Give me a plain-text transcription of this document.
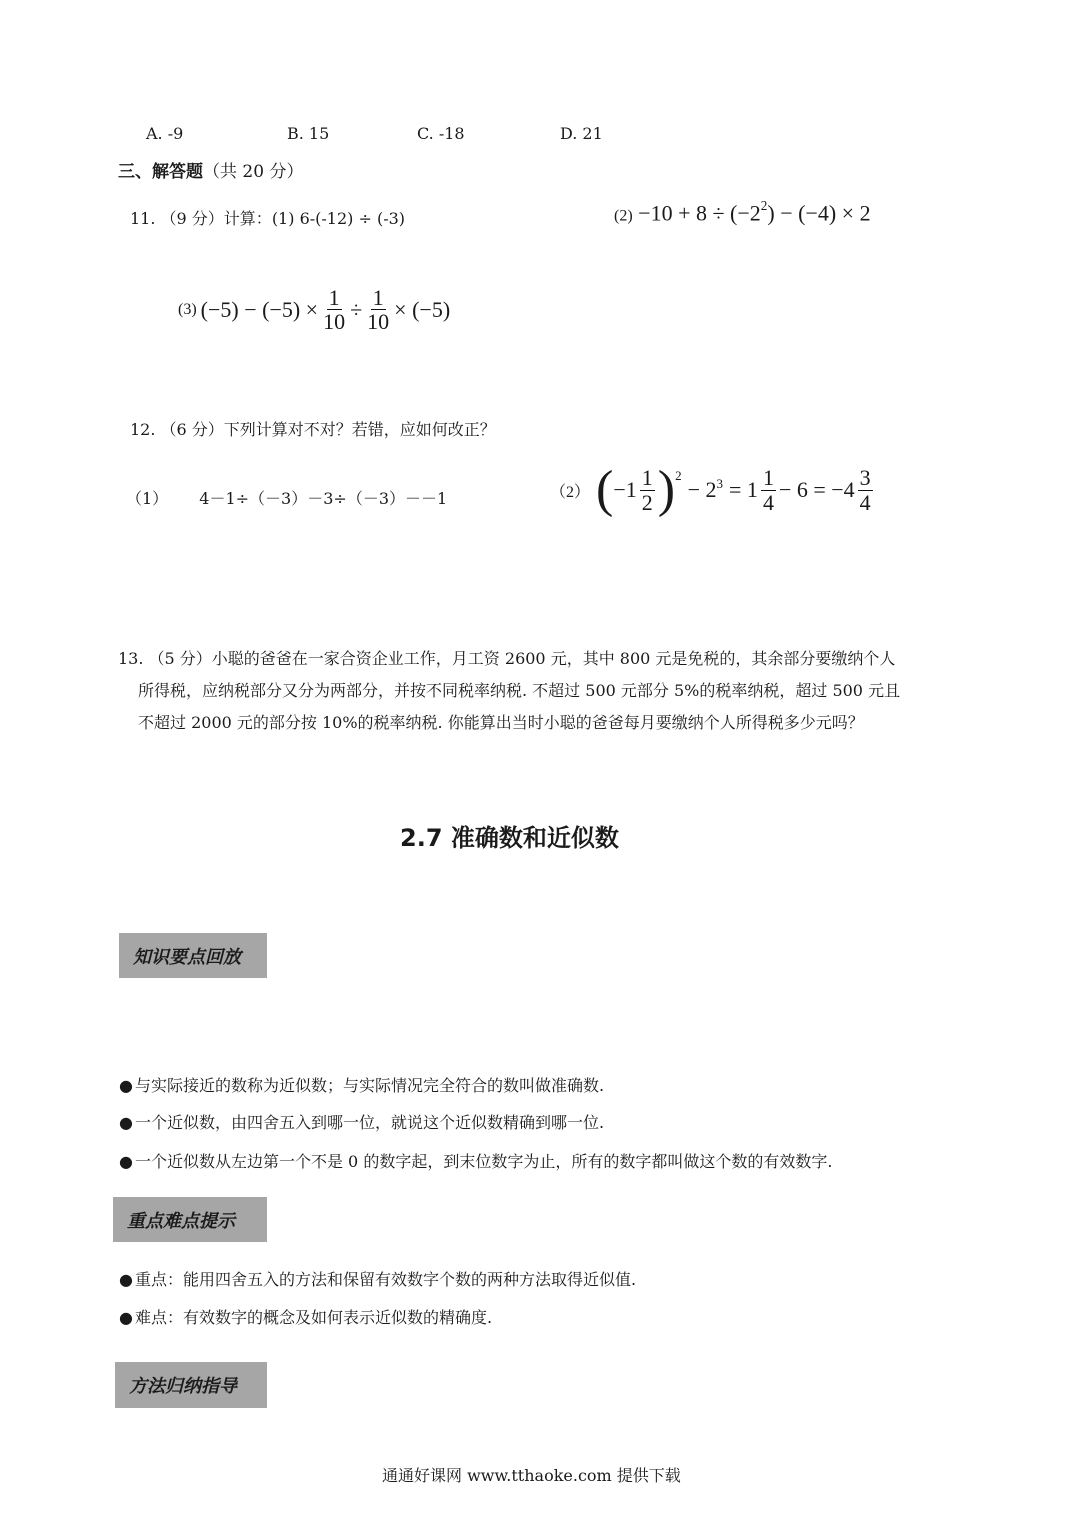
A. -9	B. 15	C. -18	D. 21
三、解答题（共 20 分）
11. （9 分）计算：(1) 6-(-12) ÷ (-3)	$(2) -10 + 8 \div (-2^2) - (-4) \times 2$
(3) $(-5) - (-5) \times \frac{1}{10} \div \frac{1}{10} \times (-5)$
12. （6 分）下列计算对不对？若错，应如何改正？
（1） 4－1÷（－3）－3÷（－3）－－1	（2） ( $-1 \frac{1}{2}$ ) 2
− 2 $3 = 1 \frac{1}{4} - 6 = -4 \frac{3}{4}$
13. （5 分）小聪的爸爸在一家合资企业工作，月工资 2600 元，其中 800 元是免税的，其余部分要缴纳个人
所得税，应纳税部分又分为两部分，并按不同税率纳税. 不超过 500 元部分 5%的税率纳税，超过 500 元且
不超过 2000 元的部分按 10%的税率纳税. 你能算出当时小聪的爸爸每月要缴纳个人所得税多少元吗？
2.7 准确数和近似数
知识要点回放
● 与实际接近的数称为近似数；与实际情况完全符合的数叫做准确数.
● 一个近似数，由四舍五入到哪一位，就说这个近似数精确到哪一位.
● 一个近似数从左边第一个不是 0 的数字起，到末位数字为止，所有的数字都叫做这个数的有效数字.
重点难点提示
● 重点：能用四舍五入的方法和保留有效数字个数的两种方法取得近似值.
● 难点：有效数字的概念及如何表示近似数的精确度.
方法归纳指导
通通好课网 www.tthaoke.com 提供下载
